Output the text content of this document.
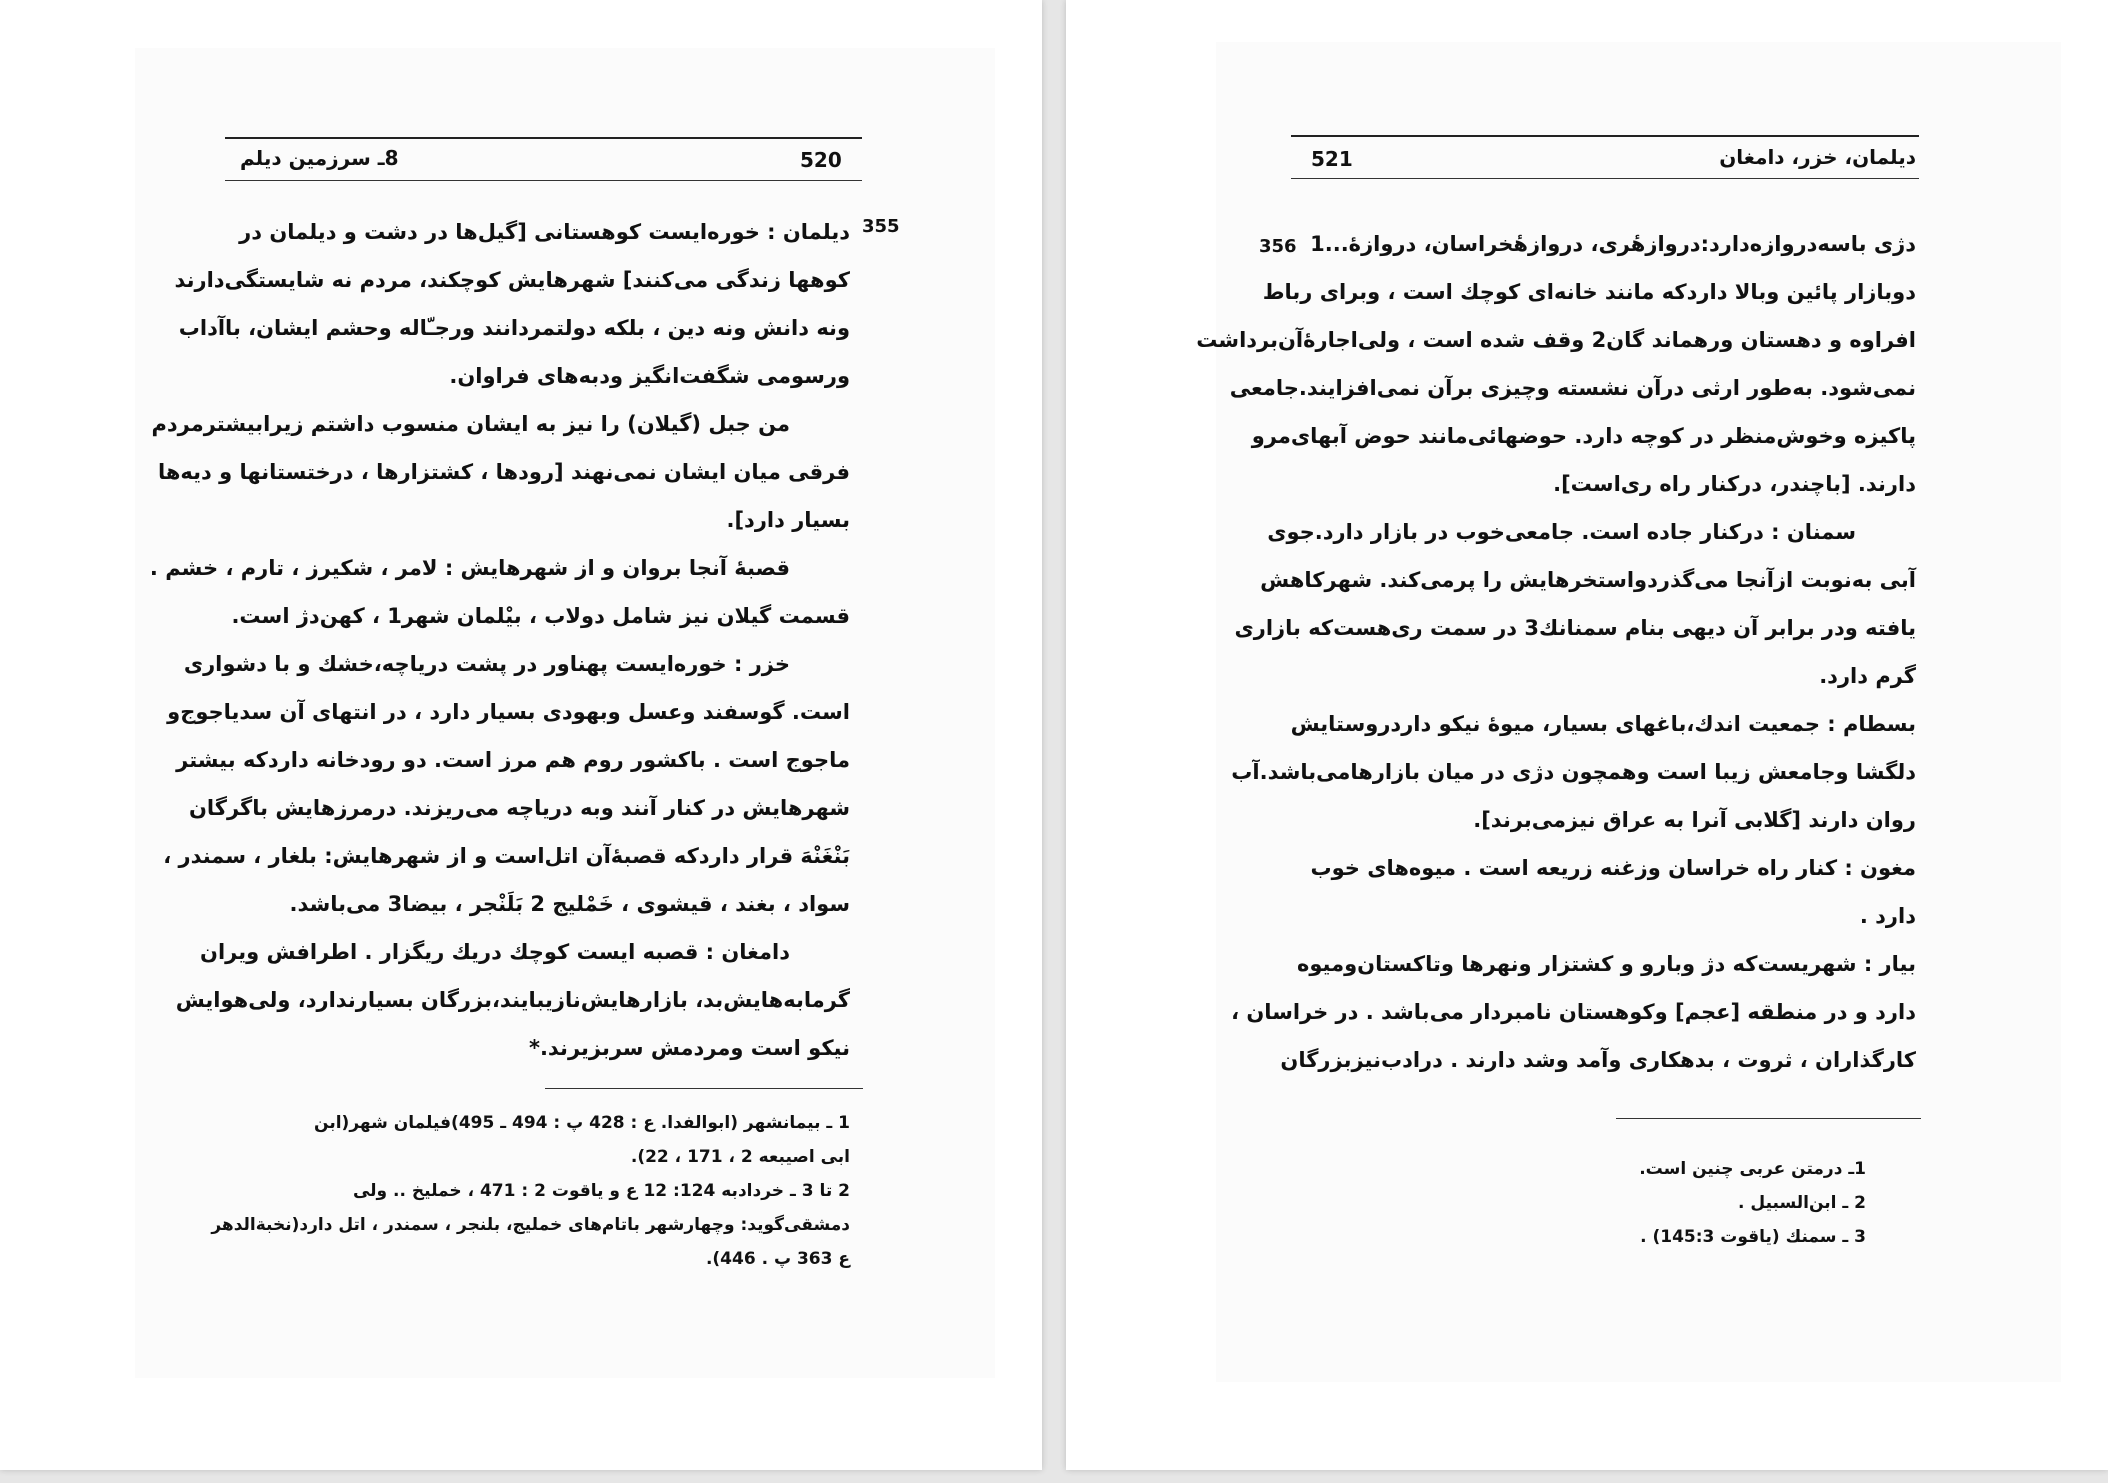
8ـ سرزمین دیلم	520
355
دیلمان : خوره‌ایست کوهستانی [گیل‌ها در دشت و دیلمان در
کوهها زندگی می‌کنند] شهرهایش کوچکند، مردم نه شایستگی‌دارند
ونه دانش ونه دین ، بلکه دولتمردانند ورجـّاله وحشم ایشان، باآداب
ورسومی شگفت‌انگیز ودبه‌های فراوان.
من جبل (گیلان) را نیز به ایشان منسوب داشتم زیرابیشترمردم
فرقی میان ایشان نمی‌نهند [رودها ، کشتزارها ، درختستانها و دیه‌ها
بسیار دارد].
قصبهٔ آنجا بروان و از شهرهایش : لامر ، شکیرز ، تارم ، خشم .
قسمت گیلان نیز شامل دولاب ، بیْلمان شهر1 ، کهن‌دژ است.
خزر : خوره‌ایست پهناور در پشت دریاچه،خشك و با دشواری
است. گوسفند وعسل وبهودی بسیار دارد ، در انتهای آن سدیاجوج‌و
ماجوج است . باکشور روم هم مرز است. دو رودخانه داردکه بیشتر
شهرهایش در کنار آنند وبه دریاچه می‌ریزند. درمرزهایش باگرگان
بَنْغَنْهَ قرار داردکه قصبهٔ‌آن اتل‌است و از شهرهایش: بلغار ، سمندر ،
سواد ، بغند ، قیشوی ، خَمْلیج 2 بَلَنْجر ، بیضا3 می‌باشد.
دامغان : قصبه ایست کوچك دریك ریگزار . اطرافش ویران
گرمابه‌هایش‌بد، بازارهایش‌نازیبایند،بزرگان بسیارندارد، ولی‌هوایش
نیکو است ومردمش سربزیرند.*
1 ـ بیمانشهر (ابوالفدا. ع : 428 پ : 494 ـ 495)فیلمان شهر(ابن
ابی اصیبعه 2 ، 171 ، 22).
2 تا 3 ـ خردادبه 124: 12 ع و یاقوت 2 : 471 ، خملیخ .. ولی
دمشقی‌گوید: وچهارشهر باتام‌های خملیج، بلنجر ، سمندر ، اتل دارد(نخبةالدهر
ع 363 پ . 446).
521	دیلمان، خزر، دامغان
356 دژی باسه‌دروازه‌دارد:دروازهٔری، دروازهٔخراسان، دروازهٔ...1
دوبازار پائین وبالا داردکه مانند خانه‌ای کوچك است ، وبرای رباط
افراوه و دهستان ورهماند گان2 وقف شده است ، ولی‌اجارهٔ‌آن‌برداشت
نمی‌شود. به‌طور ارثی درآن نشسته وچیزی برآن نمی‌افزایند.جامعی
پاکیزه وخوش‌منظر در کوچه دارد. حوضهائی‌مانند حوض آبهای‌مرو
دارند. [باچندر، درکنار راه ری‌است].
سمنان : درکنار جاده است. جامعی‌خوب در بازار دارد.جوی
آبی به‌نوبت ازآنجا می‌گذردواستخرهایش را پرمی‌کند. شهرکاهش
یافته ودر برابر آن دیهی بنام سمنانك3 در سمت ری‌هست‌که بازاری
گرم دارد.
بسطام : جمعیت اندك،باغهای بسیار، میوهٔ نیکو داردروستایش
دلگشا وجامعش زیبا است وهمچون دژی در میان بازارهامی‌باشد.آب
روان دارند [گلابی آنرا به عراق نیزمی‌برند].
مغون : کنار راه خراسان وزغنه زریعه است . میوه‌های خوب
دارد .
بیار : شهریست‌که دژ وبارو و کشتزار ونهرها وتاکستان‌ومیوه
دارد و در منطقه [عجم] وکوهستان نامبردار می‌باشد . در خراسان ،
کارگذاران ، ثروت ، بدهکاری وآمد وشد دارند . درادب‌نیزبزرگان
1ـ درمتن عربی چنین است.
2 ـ ابن‌السبیل .
3 ـ سمنك (یاقوت 145:3) .
